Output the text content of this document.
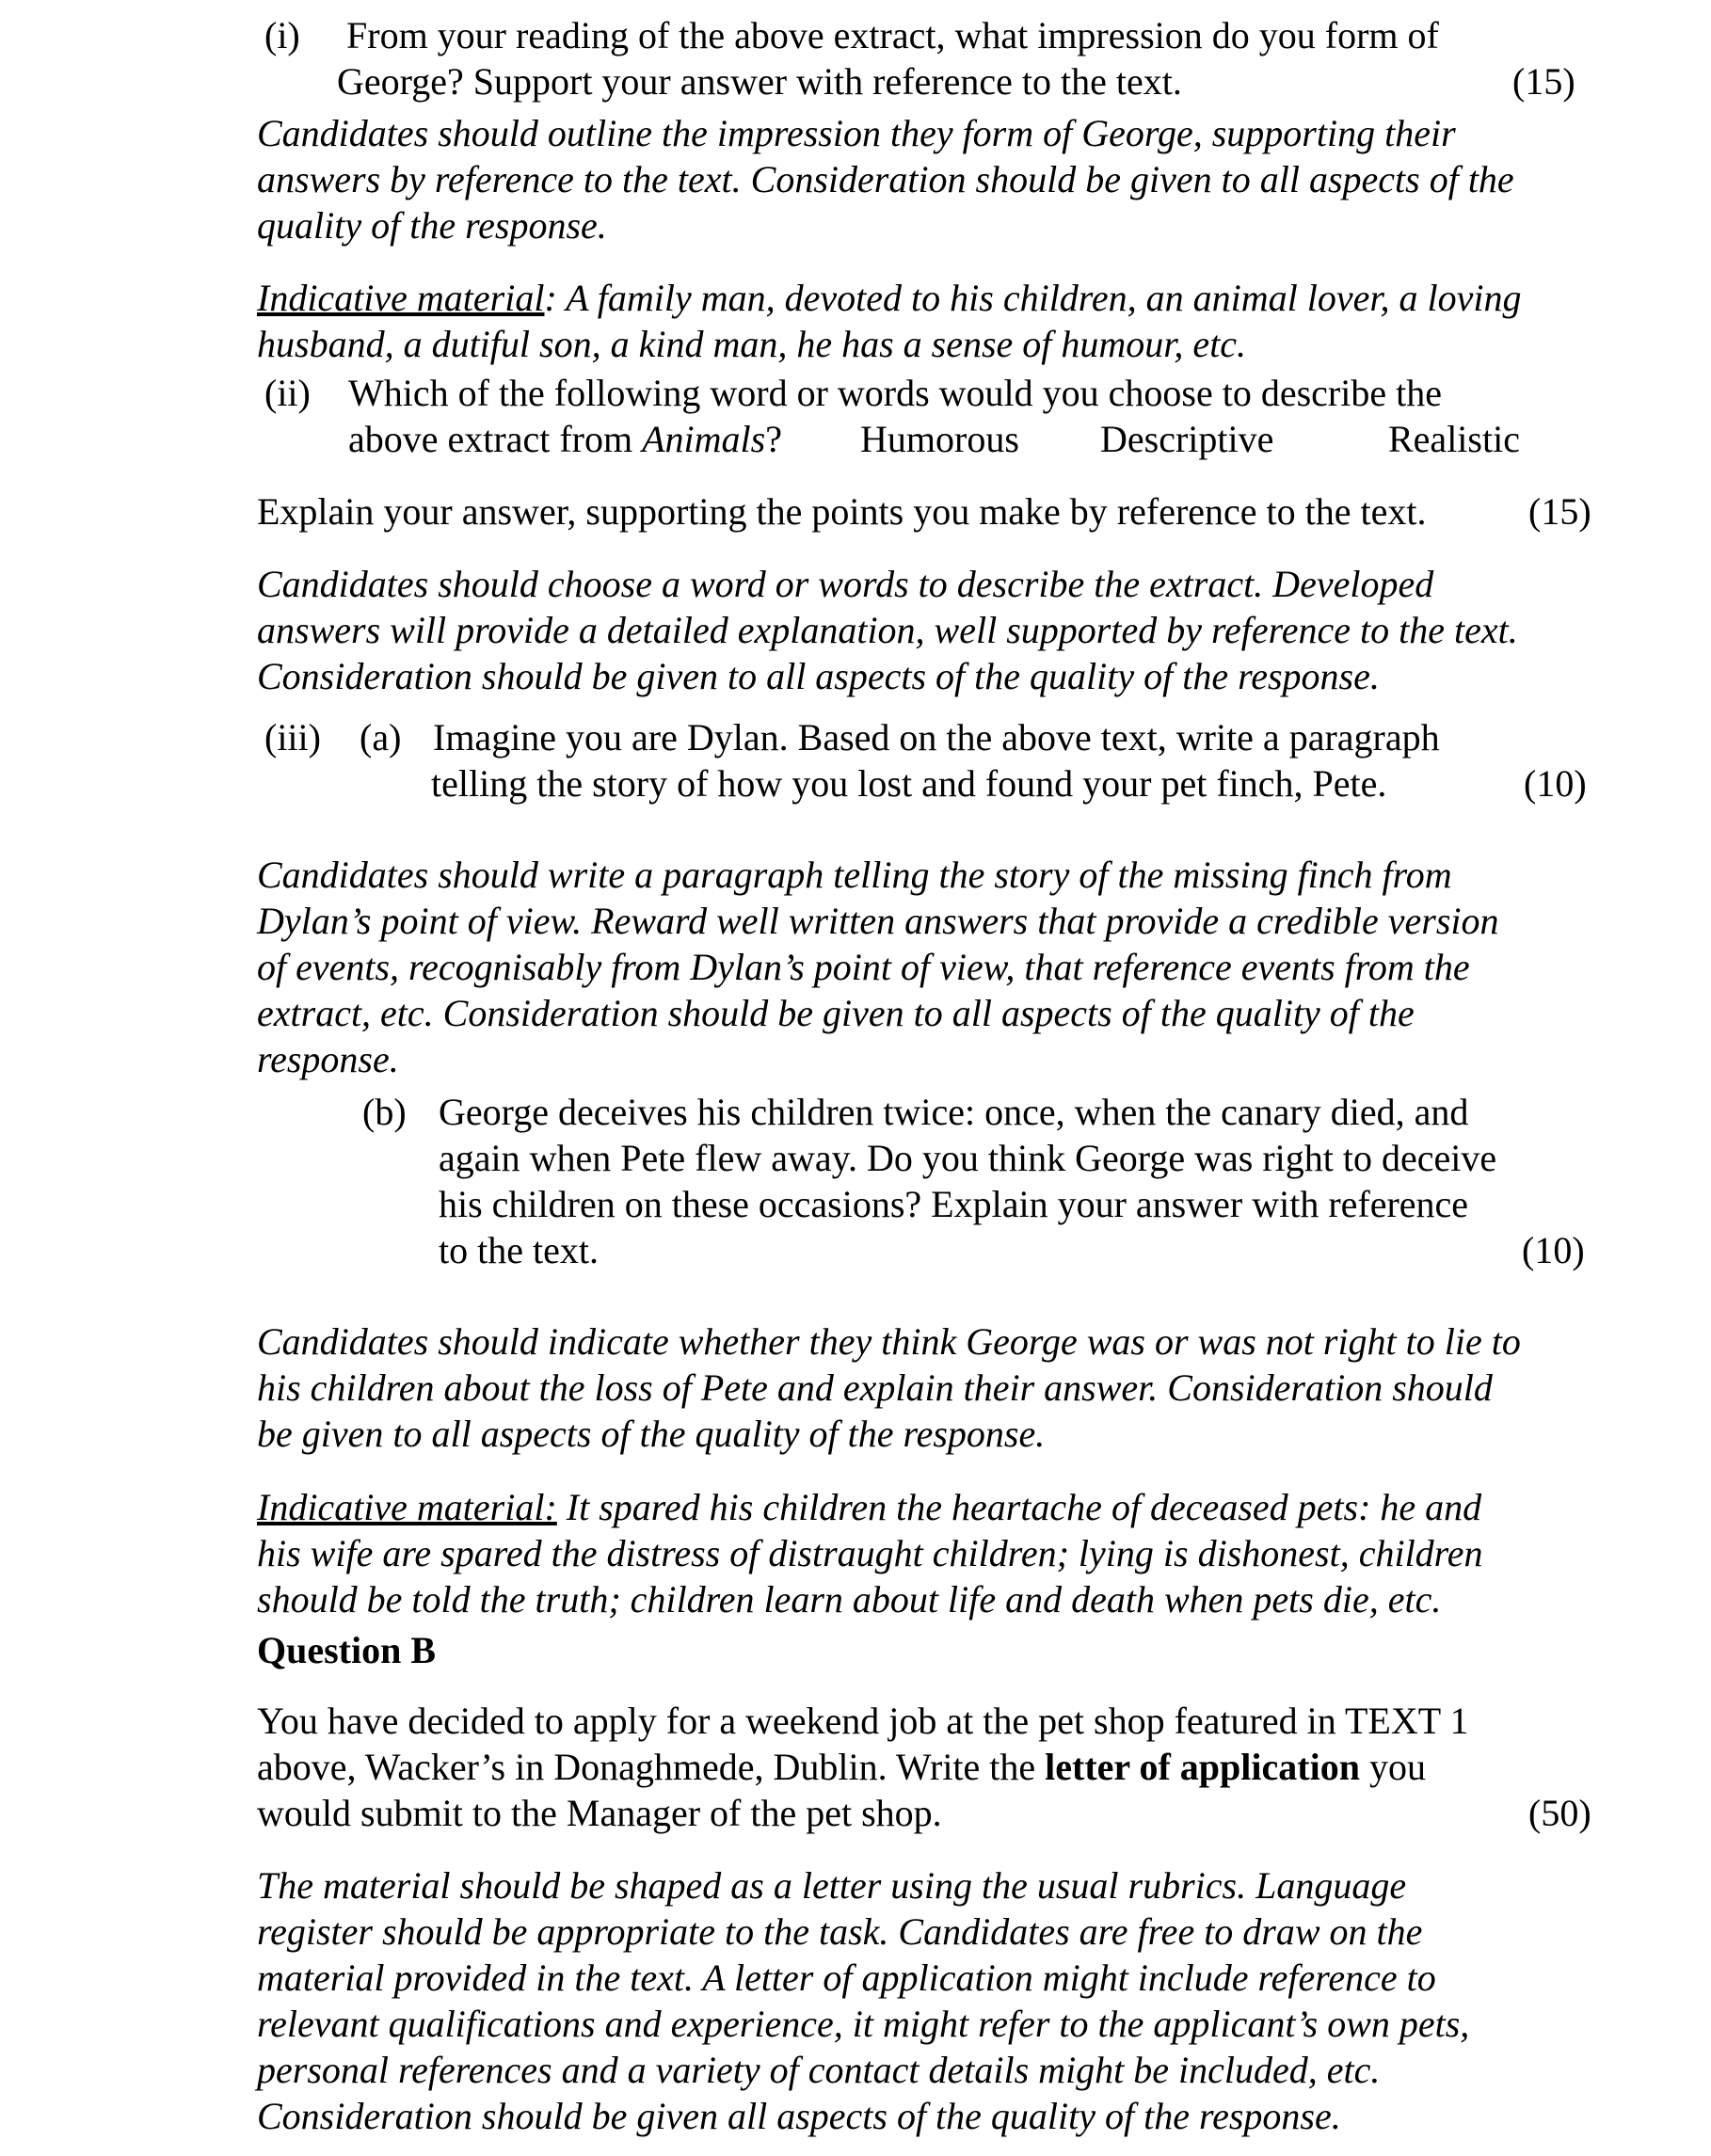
(i) From your reading of the above extract, what impression do you form of
George? Support your answer with reference to the text.	(15)
Candidates should outline the impression they form of George, supporting their
answers by reference to the text. Consideration should be given to all aspects of the
quality of the response.
Indicative material: A family man, devoted to his children, an animal lover, a loving
husband, a dutiful son, a kind man, he has a sense of humour, etc.
(ii) Which of the following word or words would you choose to describe the
above extract from Animals? Humorous Descriptive	Realistic
Explain your answer, supporting the points you make by reference to the text.	(15)
Candidates should choose a word or words to describe the extract. Developed
answers will provide a detailed explanation, well supported by reference to the text.
Consideration should be given to all aspects of the quality of the response.
(iii) (a) Imagine you are Dylan. Based on the above text, write a paragraph
telling the story of how you lost and found your pet finch, Pete.	(10)
Candidates should write a paragraph telling the story of the missing finch from
Dylan’s point of view. Reward well written answers that provide a credible version
of events, recognisably from Dylan’s point of view, that reference events from the
extract, etc. Consideration should be given to all aspects of the quality of the
response.
(b) George deceives his children twice: once, when the canary died, and
again when Pete flew away. Do you think George was right to deceive
his children on these occasions? Explain your answer with reference
to the text.	(10)
Candidates should indicate whether they think George was or was not right to lie to
his children about the loss of Pete and explain their answer. Consideration should
be given to all aspects of the quality of the response.
Indicative material: It spared his children the heartache of deceased pets: he and
his wife are spared the distress of distraught children; lying is dishonest, children
should be told the truth; children learn about life and death when pets die, etc.
Question B
You have decided to apply for a weekend job at the pet shop featured in TEXT 1
above, Wacker’s in Donaghmede, Dublin. Write the letter of application you
would submit to the Manager of the pet shop.	(50)
The material should be shaped as a letter using the usual rubrics. Language
register should be appropriate to the task. Candidates are free to draw on the
material provided in the text. A letter of application might include reference to
relevant qualifications and experience, it might refer to the applicant’s own pets,
personal references and a variety of contact details might be included, etc.
Consideration should be given all aspects of the quality of the response.
